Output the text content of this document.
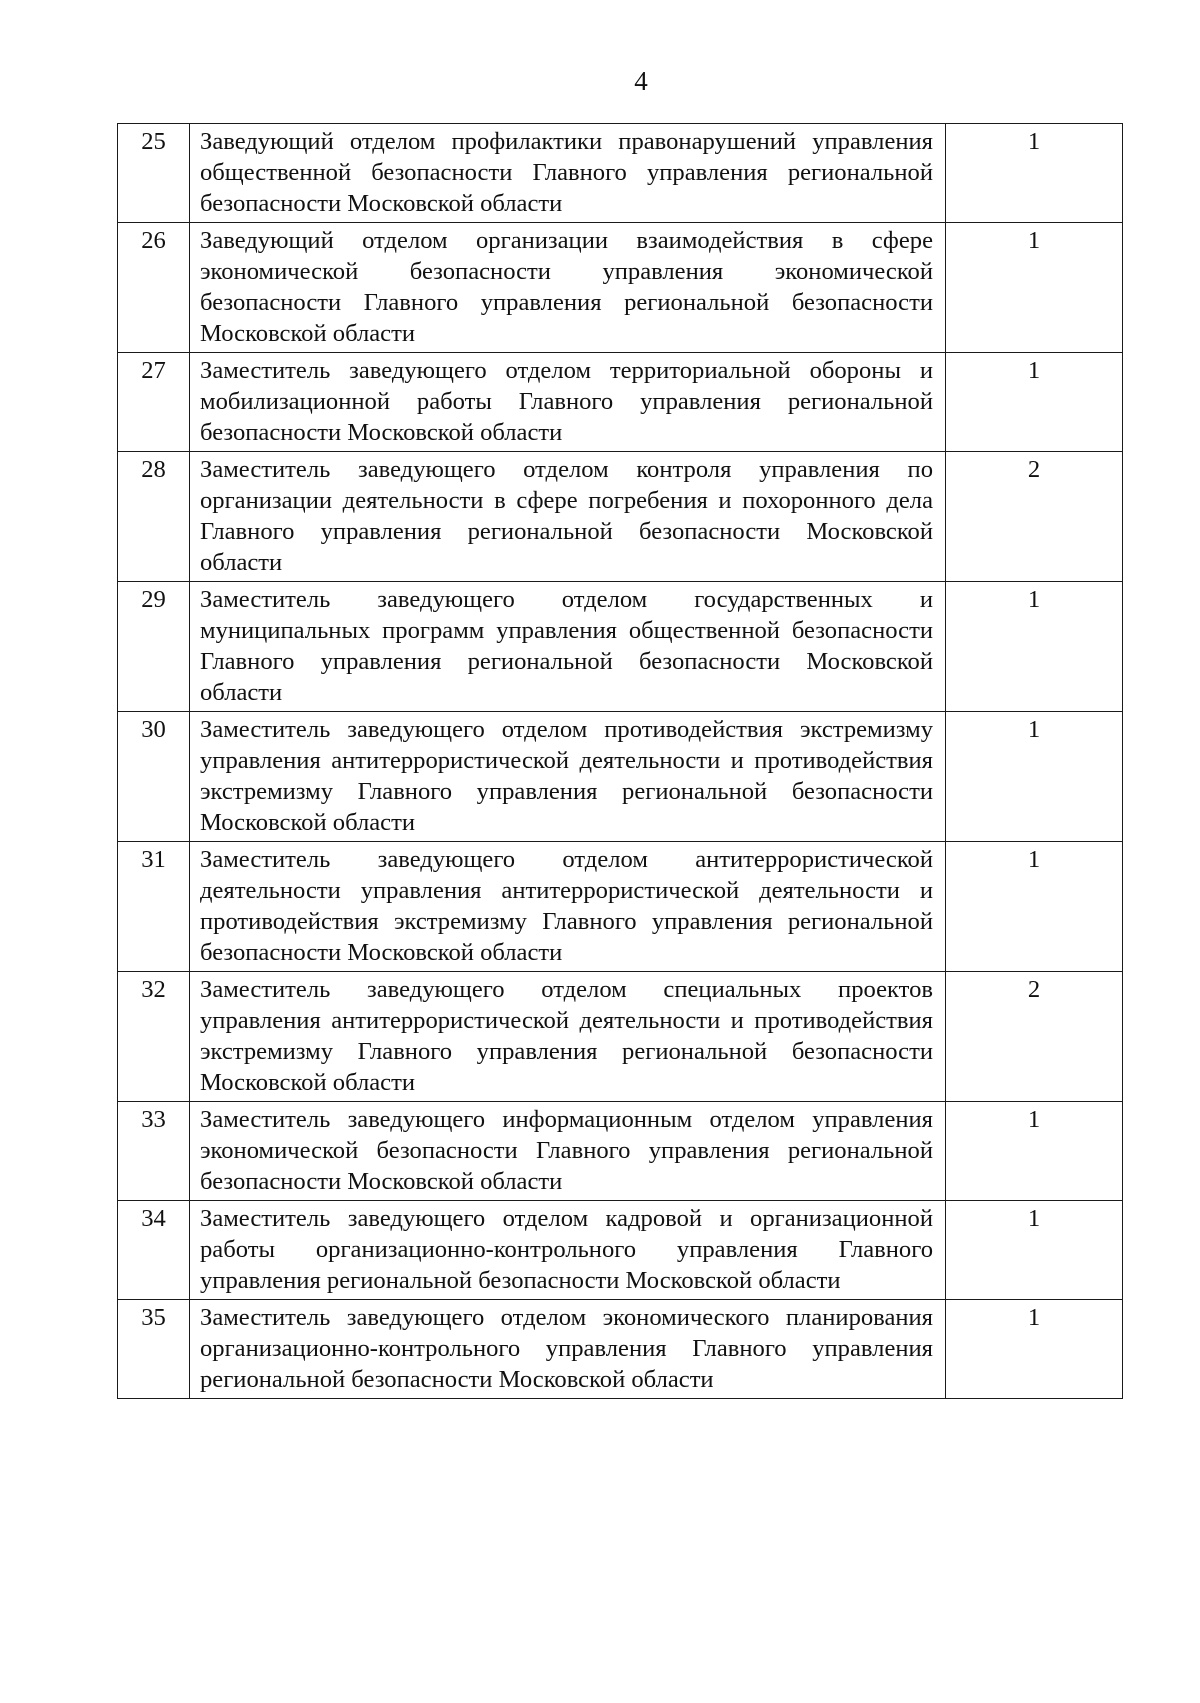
4
25	Заведующий отделом профилактики правонарушений управления общественной безопасности Главного управления региональной безопасности Московской области	1
26	Заведующий отделом организации взаимодействия в сфере экономической безопасности управления экономической безопасности Главного управления региональной безопасности Московской области	1
27	Заместитель заведующего отделом территориальной обороны и мобилизационной работы Главного управления региональной безопасности Московской области	1
28	Заместитель заведующего отделом контроля управления по организации деятельности в сфере погребения и похоронного дела Главного управления региональной безопасности Московской области	2
29	Заместитель заведующего отделом государственных и муниципальных программ управления общественной безопасности Главного управления региональной безопасности Московской области	1
30	Заместитель заведующего отделом противодействия экстремизму управления антитеррористической деятельности и противодействия экстремизму Главного управления региональной безопасности Московской области	1
31	Заместитель заведующего отделом антитеррористической деятельности управления антитеррористической деятельности и противодействия экстремизму Главного управления региональной безопасности Московской области	1
32	Заместитель заведующего отделом специальных проектов управления антитеррористической деятельности и противодействия экстремизму Главного управления региональной безопасности Московской области	2
33	Заместитель заведующего информационным отделом управления экономической безопасности Главного управления региональной безопасности Московской области	1
34	Заместитель заведующего отделом кадровой и организационной работы организационно-контрольного управления Главного управления региональной безопасности Московской области	1
35	Заместитель заведующего отделом экономического планирования организационно-контрольного управления Главного управления региональной безопасности Московской области	1
